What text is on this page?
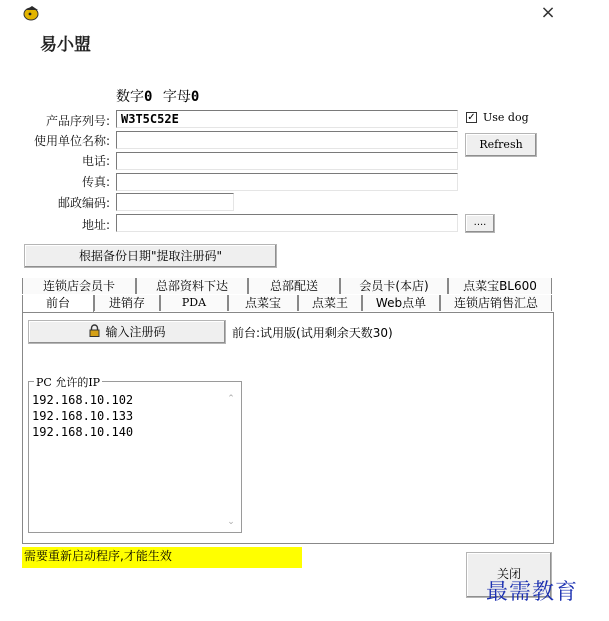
×
易小盟
数字0 字母0
产品序列号: W3T5C52E
使用单位名称:
电话:
传真:
邮政编码:
地址:	....
✓ Use dog
Refresh
根据备份日期"提取注册码"
连锁店会员卡	总部资料下达	总部配送	会员卡(本店)	点菜宝BL600
前台	进销存	PDA	点菜宝	点菜王	Web点单	连锁店销售汇总
输入注册码	前台:试用版(试用剩余天数30)
PC 允许的IP
192.168.10.102
192.168.10.133
192.168.10.140
⌃
⌄
需要重新启动程序,才能生效
关闭
最需教育
